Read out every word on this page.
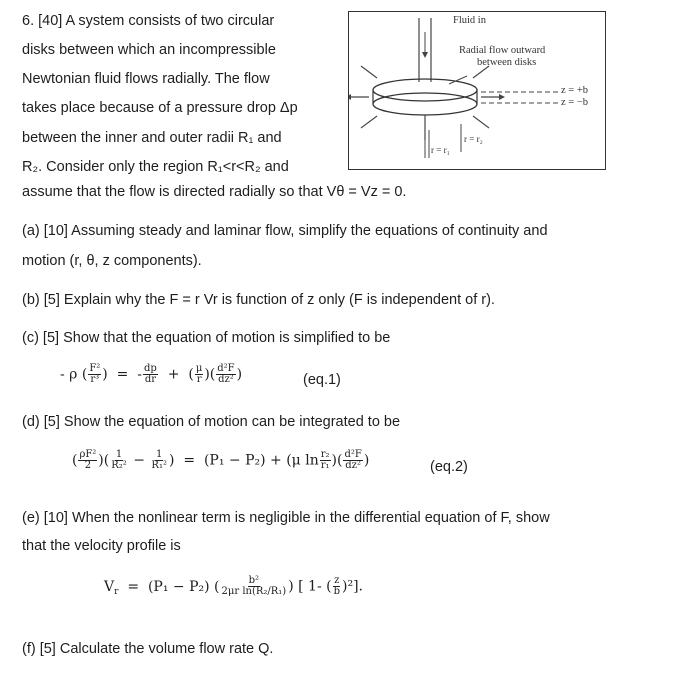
6. [40] A system consists of two circular
disks between which an incompressible
Newtonian fluid flows radially. The flow
takes place because of a pressure drop Δp
between the inner and outer radii R₁ and
R₂. Consider only the region R₁<r<R₂ and
assume that the flow is directed radially so that Vθ = Vz = 0.
Fluid in
Radial flow outward
between disks
z = +b
z = −b
r = r₁
r = r₂
(a) [10] Assuming steady and laminar flow, simplify the equations of continuity and
motion (r, θ, z components).
(b) [5] Explain why the F = r Vr is function of z only (F is independent of r).
(c) [5] Show that the equation of motion is simplified to be
- ρ ( $\frac{\text{F²}}{\text{r³}}$ )  =  - $\frac{dp}{dr}$ +  ( $\frac{\mu}{r}$ )( $\frac{\text{d²F}}{\text{dz²}}$ )	(eq.1)
(d) [5] Show the equation of motion can be integrated to be
( $\frac{\text{ρF²}}{2}$ )( $\frac{1}{\text{R₂²}} - \frac{1}{\text{R₁²}}$ )  =  (P₁ − P₂) + (μ $\ln \frac{\text{r₂}}{\text{r₁}}$ )( $\frac{\text{d²F}}{\text{dz²}}$ )	(eq.2)
(e) [10] When the nonlinear term is negligible in the differential equation of F, show
that the velocity profile is
$V_r = (P_1 - P_2)$ ( $\frac{\text{b²}}{\text{2μr ln(R₂/R₁)}}$ ) [ 1- ( $\frac{z}{b} )^2$].
(f) [5] Calculate the volume flow rate Q.
